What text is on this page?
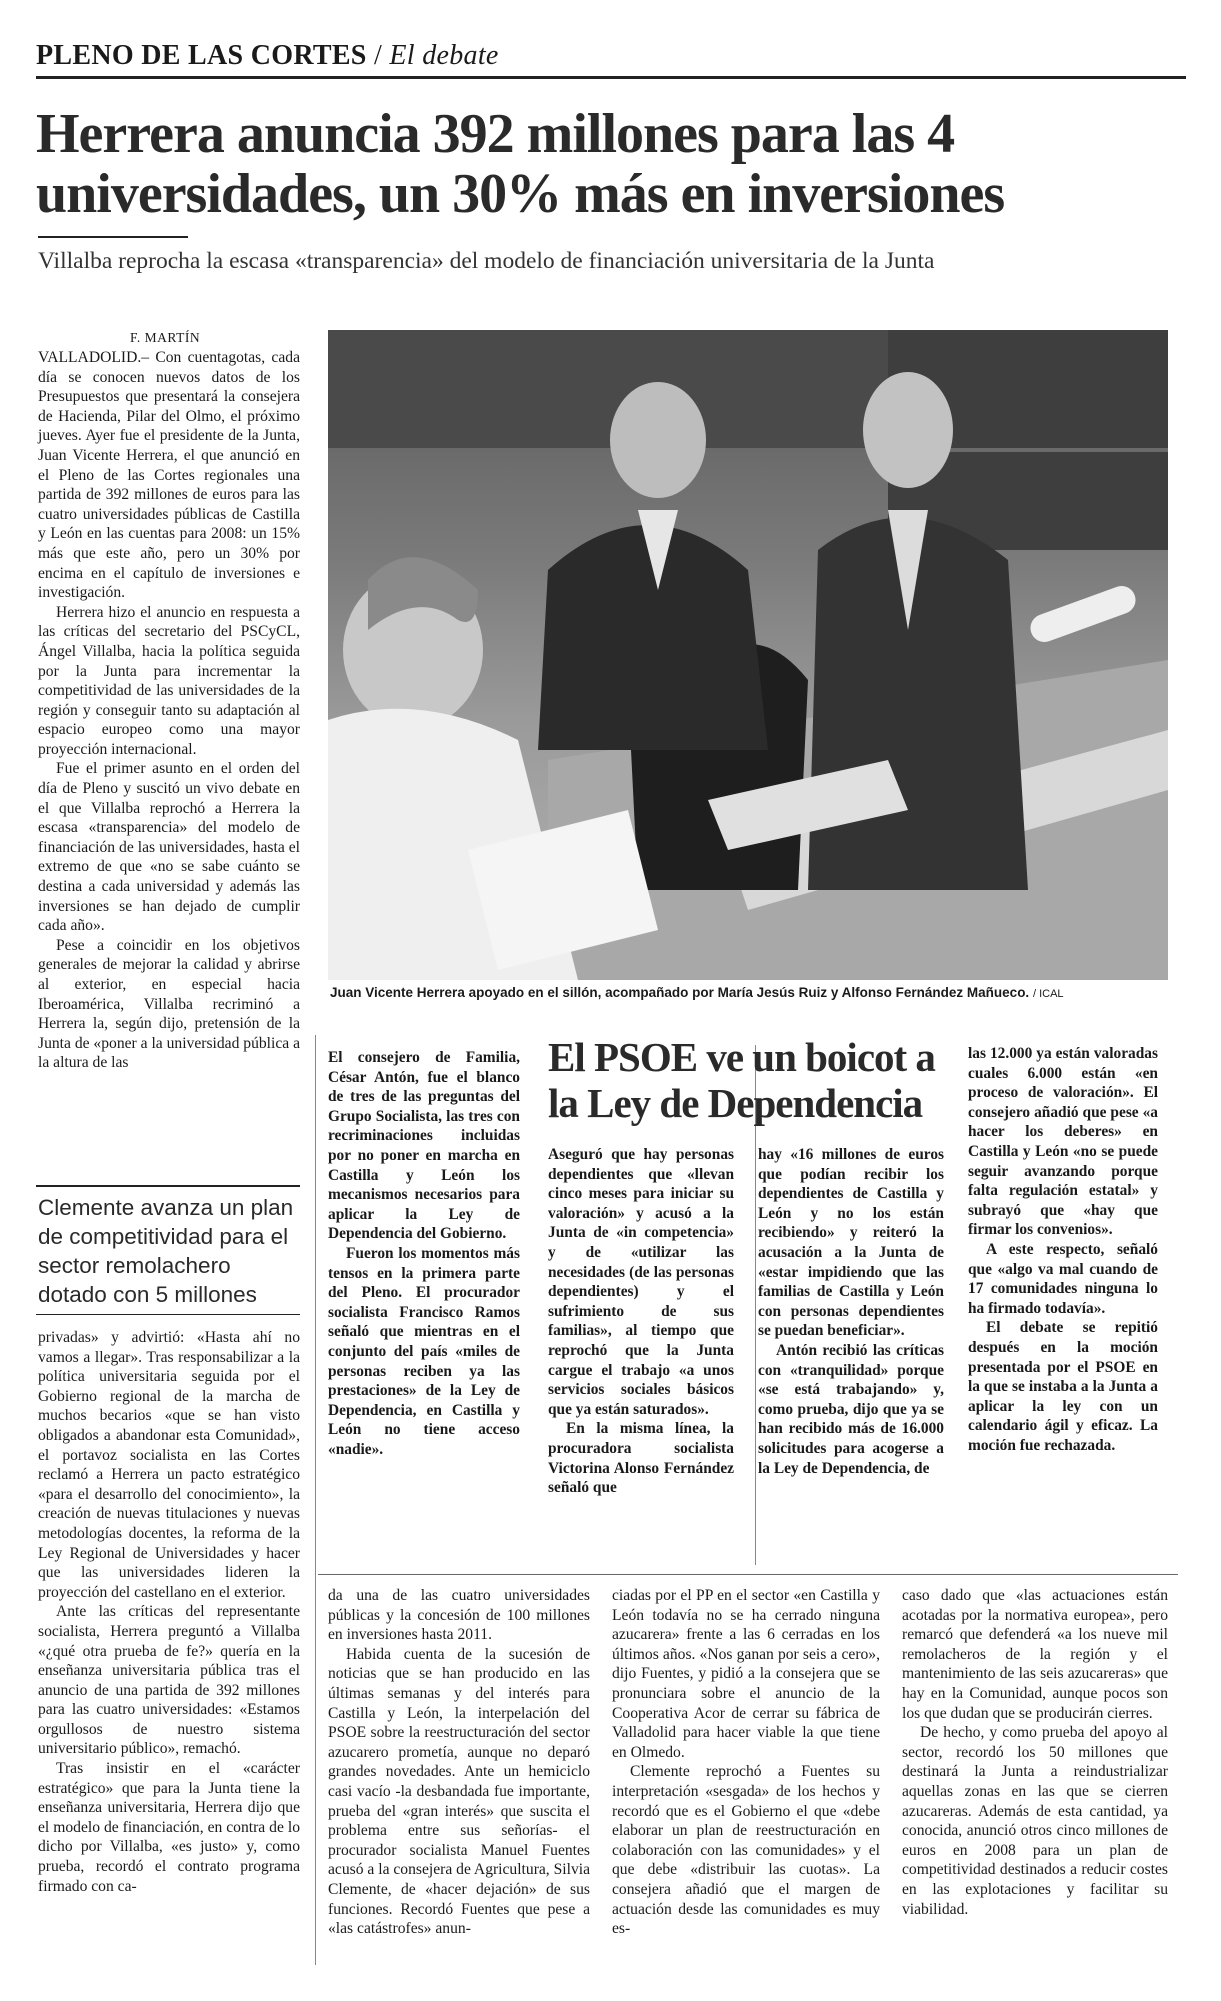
PLENO DE LAS CORTES / El debate
Herrera anuncia 392 millones para las 4
universidades, un 30% más en inversiones
Villalba reprocha la escasa «transparencia» del modelo de financiación universitaria de la Junta
F. MARTÍN

VALLADOLID.– Con cuentagotas, cada día se conocen nuevos datos de los Presupuestos que presentará la consejera de Hacienda, Pilar del Olmo, el próximo jueves. Ayer fue el presidente de la Junta, Juan Vicente Herrera, el que anunció en el Pleno de las Cortes regionales una partida de 392 millones de euros para las cuatro universidades públicas de Castilla y León en las cuentas para 2008: un 15% más que este año, pero un 30% por encima en el capítulo de inversiones e investigación.

Herrera hizo el anuncio en respuesta a las críticas del secretario del PSCyCL, Ángel Villalba, hacia la política seguida por la Junta para incrementar la competitividad de las universidades de la región y conseguir tanto su adaptación al espacio europeo como una mayor proyección internacional.

Fue el primer asunto en el orden del día de Pleno y suscitó un vivo debate en el que Villalba reprochó a Herrera la escasa «transparencia» del modelo de financiación de las universidades, hasta el extremo de que «no se sabe cuánto se destina a cada universidad y además las inversiones se han dejado de cumplir cada año».

Pese a coincidir en los objetivos generales de mejorar la calidad y abrirse al exterior, en especial hacia Iberoamérica, Villalba recriminó a Herrera la, según dijo, pretensión de la Junta de «poner a la universidad pública a la altura de las

Juan Vicente Herrera apoyado en el sillón, acompañado por María Jesús Ruiz y Alfonso Fernández Mañueco. / ICAL
Clemente avanza un plan de competitividad para el sector remolachero dotado con 5 millones

privadas» y advirtió: «Hasta ahí no vamos a llegar». Tras responsabilizar a la política universitaria seguida por el Gobierno regional de la marcha de muchos becarios «que se han visto obligados a abandonar esta Comunidad», el portavoz socialista en las Cortes reclamó a Herrera un pacto estratégico «para el desarrollo del conocimiento», la creación de nuevas titulaciones y nuevas metodologías docentes, la reforma de la Ley Regional de Universidades y hacer que las universidades lideren la proyección del castellano en el exterior.

Ante las críticas del representante socialista, Herrera preguntó a Villalba «¿qué otra prueba de fe?» quería en la enseñanza universitaria pública tras el anuncio de una partida de 392 millones para las cuatro universidades: «Estamos orgullosos de nuestro sistema universitario público», remachó.

Tras insistir en el «carácter estratégico» que para la Junta tiene la enseñanza universitaria, Herrera dijo que el modelo de financiación, en contra de lo dicho por Villalba, «es justo» y, como prueba, recordó el contrato programa firmado con ca-

El PSOE ve un boicot a la Ley de Dependencia

El consejero de Familia, César Antón, fue el blanco de tres de las preguntas del Grupo Socialista, las tres con recriminaciones incluidas por no poner en marcha en Castilla y León los mecanismos necesarios para aplicar la Ley de Dependencia del Gobierno.

Fueron los momentos más tensos en la primera parte del Pleno. El procurador socialista Francisco Ramos señaló que mientras en el conjunto del país «miles de personas reciben ya las prestaciones» de la Ley de Dependencia, en Castilla y León no tiene acceso «nadie».

Aseguró que hay personas dependientes que «llevan cinco meses para iniciar su valoración» y acusó a la Junta de «in competencia» y de «utilizar las necesidades (de las personas dependientes) y el sufrimiento de sus familias», al tiempo que reprochó que la Junta cargue el trabajo «a unos servicios sociales básicos que ya están saturados».

En la misma línea, la procuradora socialista Victorina Alonso Fernández señaló que

hay «16 millones de euros que podían recibir los dependientes de Castilla y León y no los están recibiendo» y reiteró la acusación a la Junta de «estar impidiendo que las familias de Castilla y León con personas dependientes se puedan beneficiar».

Antón recibió las críticas con «tranquilidad» porque «se está trabajando» y, como prueba, dijo que ya se han recibido más de 16.000 solicitudes para acogerse a la Ley de Dependencia, de

las 12.000 ya están valoradas cuales 6.000 están «en proceso de valoración». El consejero añadió que pese «a hacer los deberes» en Castilla y León «no se puede seguir avanzando porque falta regulación estatal» y subrayó que «hay que firmar los convenios».

A este respecto, señaló que «algo va mal cuando de 17 comunidades ninguna lo ha firmado todavía».

El debate se repitió después en la moción presentada por el PSOE en la que se instaba a la Junta a aplicar la ley con un calendario ágil y eficaz. La moción fue rechazada.

da una de las cuatro universidades públicas y la concesión de 100 millones en inversiones hasta 2011.

Habida cuenta de la sucesión de noticias que se han producido en las últimas semanas y del interés para Castilla y León, la interpelación del PSOE sobre la reestructuración del sector azucarero prometía, aunque no deparó grandes novedades. Ante un hemiciclo casi vacío -la desbandada fue importante, prueba del «gran interés» que suscita el problema entre sus señorías- el procurador socialista Manuel Fuentes acusó a la consejera de Agricultura, Silvia Clemente, de «hacer dejación» de sus funciones. Recordó Fuentes que pese a «las catástrofes» anun-

ciadas por el PP en el sector «en Castilla y León todavía no se ha cerrado ninguna azucarera» frente a las 6 cerradas en los últimos años. «Nos ganan por seis a cero», dijo Fuentes, y pidió a la consejera que se pronunciara sobre el anuncio de la Cooperativa Acor de cerrar su fábrica de Valladolid para hacer viable la que tiene en Olmedo.

Clemente reprochó a Fuentes su interpretación «sesgada» de los hechos y recordó que es el Gobierno el que «debe elaborar un plan de reestructuración en colaboración con las comunidades» y el que debe «distribuir las cuotas». La consejera añadió que el margen de actuación desde las comunidades es muy es-

caso dado que «las actuaciones están acotadas por la normativa europea», pero remarcó que defenderá «a los nueve mil remolacheros de la región y el mantenimiento de las seis azucareras» que hay en la Comunidad, aunque pocos son los que dudan que se producirán cierres.

De hecho, y como prueba del apoyo al sector, recordó los 50 millones que destinará la Junta a reindustrializar aquellas zonas en las que se cierren azucareras. Además de esta cantidad, ya conocida, anunció otros cinco millones de euros en 2008 para un plan de competitividad destinados a reducir costes en las explotaciones y facilitar su viabilidad.
